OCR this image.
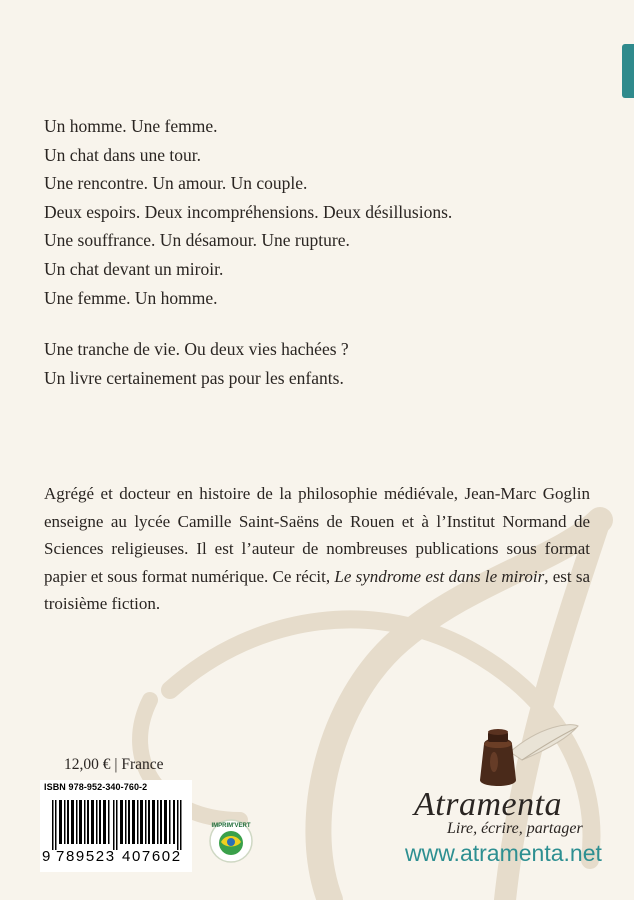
Un homme. Une femme.
Un chat dans une tour.
Une rencontre. Un amour. Un couple.
Deux espoirs. Deux incompréhensions. Deux désillusions.
Une souffrance. Un désamour. Une rupture.
Un chat devant un miroir.
Une femme. Un homme.
Une tranche de vie. Ou deux vies hachées ?
Un livre certainement pas pour les enfants.
Agrégé et docteur en histoire de la philosophie médiévale, Jean-Marc Goglin enseigne au lycée Camille Saint-Saëns de Rouen et à l’Institut Normand de Sciences religieuses. Il est l’auteur de nombreuses publications sous format papier et sous format numérique. Ce récit, Le syndrome est dans le miroir, est sa troisième fiction.
12,00 € | France
ISBN 978-952-340-760-2
9 789523 407602
IMPRIM'VERT
Atramenta
Lire, écrire, partager
www.atramenta.net
